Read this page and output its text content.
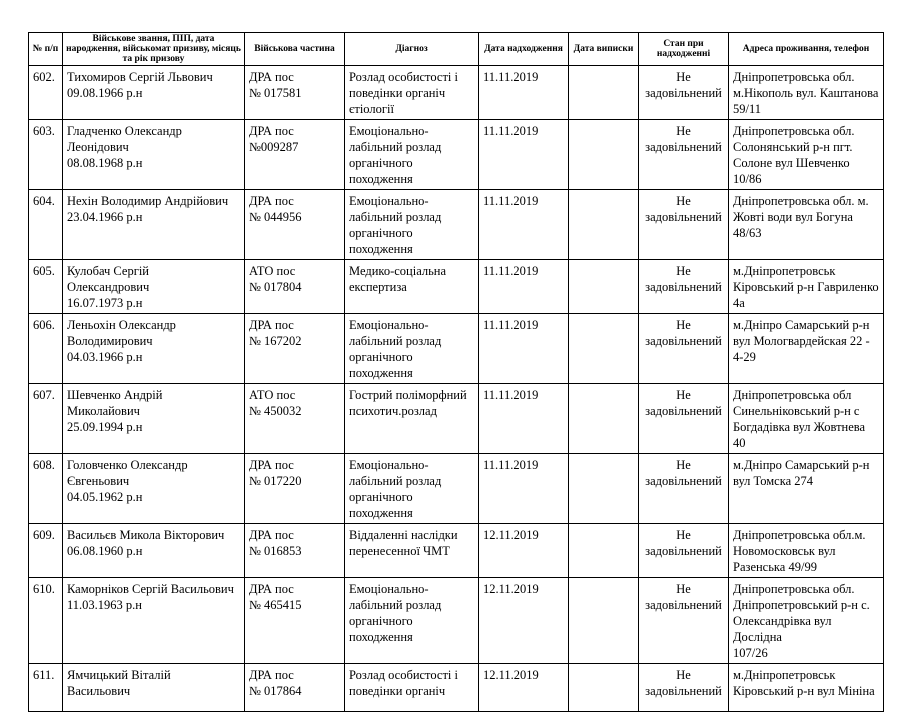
№ п/п	Військове звання, ПІП, дата народження, військомат призиву, місяць та рік призову	Військова частина	Діагноз	Дата надходження	Дата виписки	Стан при надходженні	Адреса проживання, телефон
602.	Тихомиров Сергій Львович
09.08.1966 р.н	ДРА пос
№ 017581	Розлад особистості і
поведінки органіч
єтіології	11.11.2019		Не
задовільнений	Дніпропетровська обл.
м.Нікополь вул. Каштанова
59/11
603.	Гладченко Олександр
Леонідович
08.08.1968 р.н	ДРА пос
№009287	Емоціонально-
лабільний розлад
органічного
походження	11.11.2019		Не
задовільнений	Дніпропетровська обл.
Солонянський р-н пгт.
Солоне вул Шевченко 10/86
604.	Нехін Володимир Андрійович
23.04.1966 р.н	ДРА пос
№ 044956	Емоціонально-
лабільний розлад
органічного
походження	11.11.2019		Не
задовільнений	Дніпропетровська обл. м.
Жовті води вул Богуна 48/63
605.	Кулобач Сергій
Олександрович
16.07.1973 р.н	АТО пос
№ 017804	Медико-соціальна
експертиза	11.11.2019		Не
задовільнений	м.Дніпропетровськ
Кіровський р-н Гавриленко
4а
606.	Леньохін Олександр
Володимирович
04.03.1966 р.н	ДРА пос
№ 167202	Емоціонально-
лабільний розлад
органічного
походження	11.11.2019		Не
задовільнений	м.Дніпро Самарський р-н
вул Мологвардейская 22 -
4-29
607.	Шевченко Андрій
Миколайович
25.09.1994 р.н	АТО пос
№ 450032	Гострий поліморфний
психотич.розлад	11.11.2019		Не
задовільнений	Дніпропетровська обл
Синельніковський р-н с
Богдадівка вул Жовтнева 40
608.	Головченко Олександр
Євгеньович
04.05.1962 р.н	ДРА пос
№ 017220	Емоціонально-
лабільний розлад
органічного
походження	11.11.2019		Не
задовільнений	м.Дніпро Самарський р-н
вул Томска 274
609.	Васильєв Микола Вікторович
06.08.1960 р.н	ДРА пос
№ 016853	Віддаленні наслідки
перенесенної ЧМТ	12.11.2019		Не
задовільнений	Дніпропетровська обл.м.
Новомосковськ вул
Разенська 49/99
610.	Каморніков Сергій Васильович
11.03.1963 р.н	ДРА пос
№ 465415	Емоціонально-
лабільний розлад
органічного
походження	12.11.2019		Не
задовільнений	Дніпропетровська обл.
Дніпропетровський р-н с.
Олександрівка вул Дослідна
107/26
611.	Ямчицький Віталій
Васильович	ДРА пос
№ 017864	Розлад особистості і
поведінки органіч	12.11.2019		Не
задовільнений	м.Дніпропетровськ
Кіровський р-н вул Мініна
